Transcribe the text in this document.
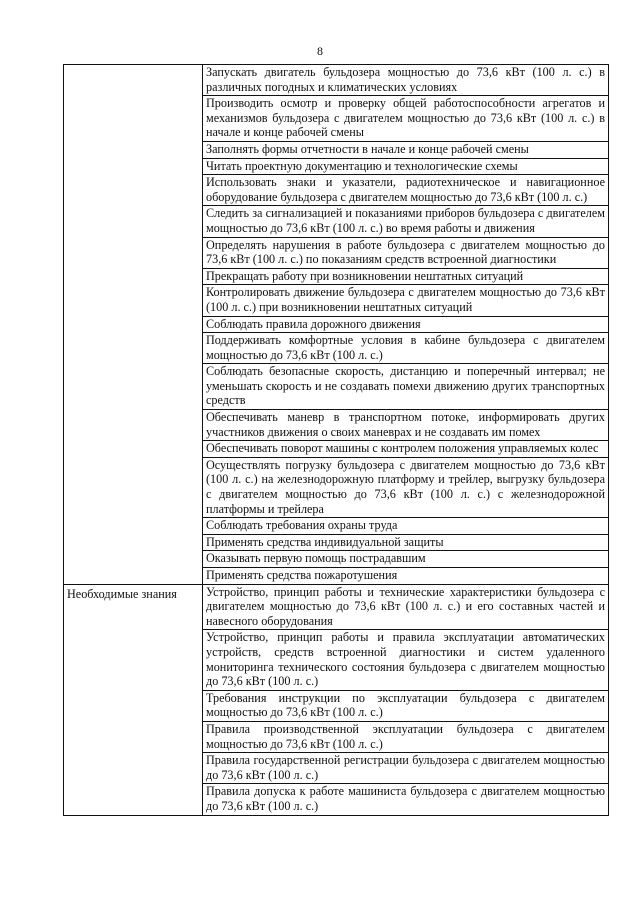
8
	Запускать двигатель бульдозера мощностью до 73,6 кВт (100 л. с.) в различных погодных и климатических условиях
	Производить осмотр и проверку общей работоспособности агрегатов и механизмов бульдозера с двигателем мощностью до 73,6 кВт (100 л. с.) в начале и конце рабочей смены
	Заполнять формы отчетности в начале и конце рабочей смены
	Читать проектную документацию и технологические схемы
	Использовать знаки и указатели, радиотехническое и навигационное оборудование бульдозера с двигателем мощностью до 73,6 кВт (100 л. с.)
	Следить за сигнализацией и показаниями приборов бульдозера с двигателем мощностью до 73,6 кВт (100 л. с.) во время работы и движения
	Определять нарушения в работе бульдозера с двигателем мощностью до 73,6 кВт (100 л. с.) по показаниям средств встроенной диагностики
	Прекращать работу при возникновении нештатных ситуаций
	Контролировать движение бульдозера с двигателем мощностью до 73,6 кВт (100 л. с.) при возникновении нештатных ситуаций
	Соблюдать правила дорожного движения
	Поддерживать комфортные условия в кабине бульдозера с двигателем мощностью до 73,6 кВт (100 л. с.)
	Соблюдать безопасные скорость, дистанцию и поперечный интервал; не уменьшать скорость и не создавать помехи движению других транспортных средств
	Обеспечивать маневр в транспортном потоке, информировать других участников движения о своих маневрах и не создавать им помех
	Обеспечивать поворот машины с контролем положения управляемых колес
	Осуществлять погрузку бульдозера с двигателем мощностью до 73,6 кВт (100 л. с.) на железнодорожную платформу и трейлер, выгрузку бульдозера с двигателем мощностью до 73,6 кВт (100 л. с.) с железнодорожной платформы и трейлера
	Соблюдать требования охраны труда
	Применять средства индивидуальной защиты
	Оказывать первую помощь пострадавшим
	Применять средства пожаротушения

Необходимые знания	Устройство, принцип работы и технические характеристики бульдозера с двигателем мощностью до 73,6 кВт (100 л. с.) и его составных частей и навесного оборудования
	Устройство, принцип работы и правила эксплуатации автоматических устройств, средств встроенной диагностики и систем удаленного мониторинга технического состояния бульдозера с двигателем мощностью до 73,6 кВт (100 л. с.)
	Требования инструкции по эксплуатации бульдозера с двигателем мощностью до 73,6 кВт (100 л. с.)
	Правила производственной эксплуатации бульдозера с двигателем мощностью до 73,6 кВт (100 л. с.)
	Правила государственной регистрации бульдозера с двигателем мощностью до 73,6 кВт (100 л. с.)
	Правила допуска к работе машиниста бульдозера с двигателем мощностью до 73,6 кВт (100 л. с.)
